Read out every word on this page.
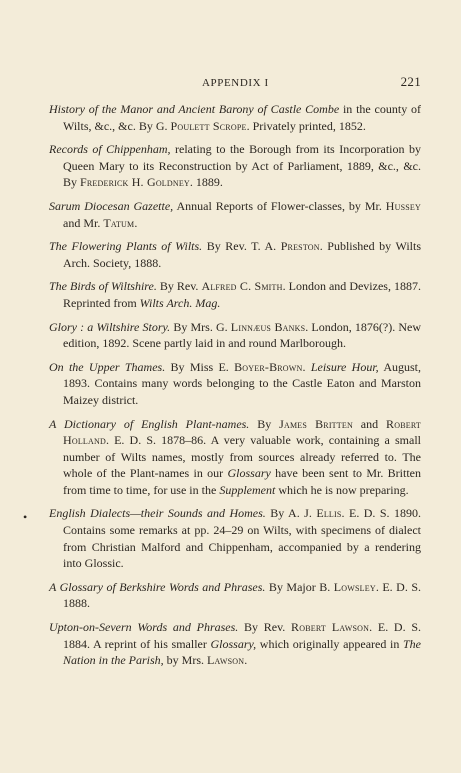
APPENDIX I	221

History of the Manor and Ancient Barony of Castle Combe in the county of Wilts, &c., &c. By G. Poulett Scrope. Privately printed, 1852.

Records of Chippenham, relating to the Borough from its Incorporation by Queen Mary to its Reconstruction by Act of Parliament, 1889, &c., &c. By Frederick H. Goldney. 1889.

Sarum Diocesan Gazette, Annual Reports of Flower-classes, by Mr. Hussey and Mr. Tatum.

The Flowering Plants of Wilts. By Rev. T. A. Preston. Published by Wilts Arch. Society, 1888.

The Birds of Wiltshire. By Rev. Alfred C. Smith. London and Devizes, 1887. Reprinted from Wilts Arch. Mag.

Glory : a Wiltshire Story. By Mrs. G. Linnæus Banks. London, 1876(?). New edition, 1892. Scene partly laid in and round Marlborough.

On the Upper Thames. By Miss E. Boyer-Brown. Leisure Hour, August, 1893. Contains many words belonging to the Castle Eaton and Marston Maizey district.

A Dictionary of English Plant-names. By James Britten and Robert Holland. E. D. S. 1878–86. A very valuable work, containing a small number of Wilts names, mostly from sources already referred to. The whole of the Plant-names in our Glossary have been sent to Mr. Britten from time to time, for use in the Supplement which he is now preparing.

• English Dialects—their Sounds and Homes. By A. J. Ellis. E. D. S. 1890. Contains some remarks at pp. 24–29 on Wilts, with specimens of dialect from Christian Malford and Chippenham, accompanied by a rendering into Glossic.

A Glossary of Berkshire Words and Phrases. By Major B. Lowsley. E. D. S. 1888.

Upton-on-Severn Words and Phrases. By Rev. Robert Lawson. E. D. S. 1884. A reprint of his smaller Glossary, which originally appeared in The Nation in the Parish, by Mrs. Lawson.
